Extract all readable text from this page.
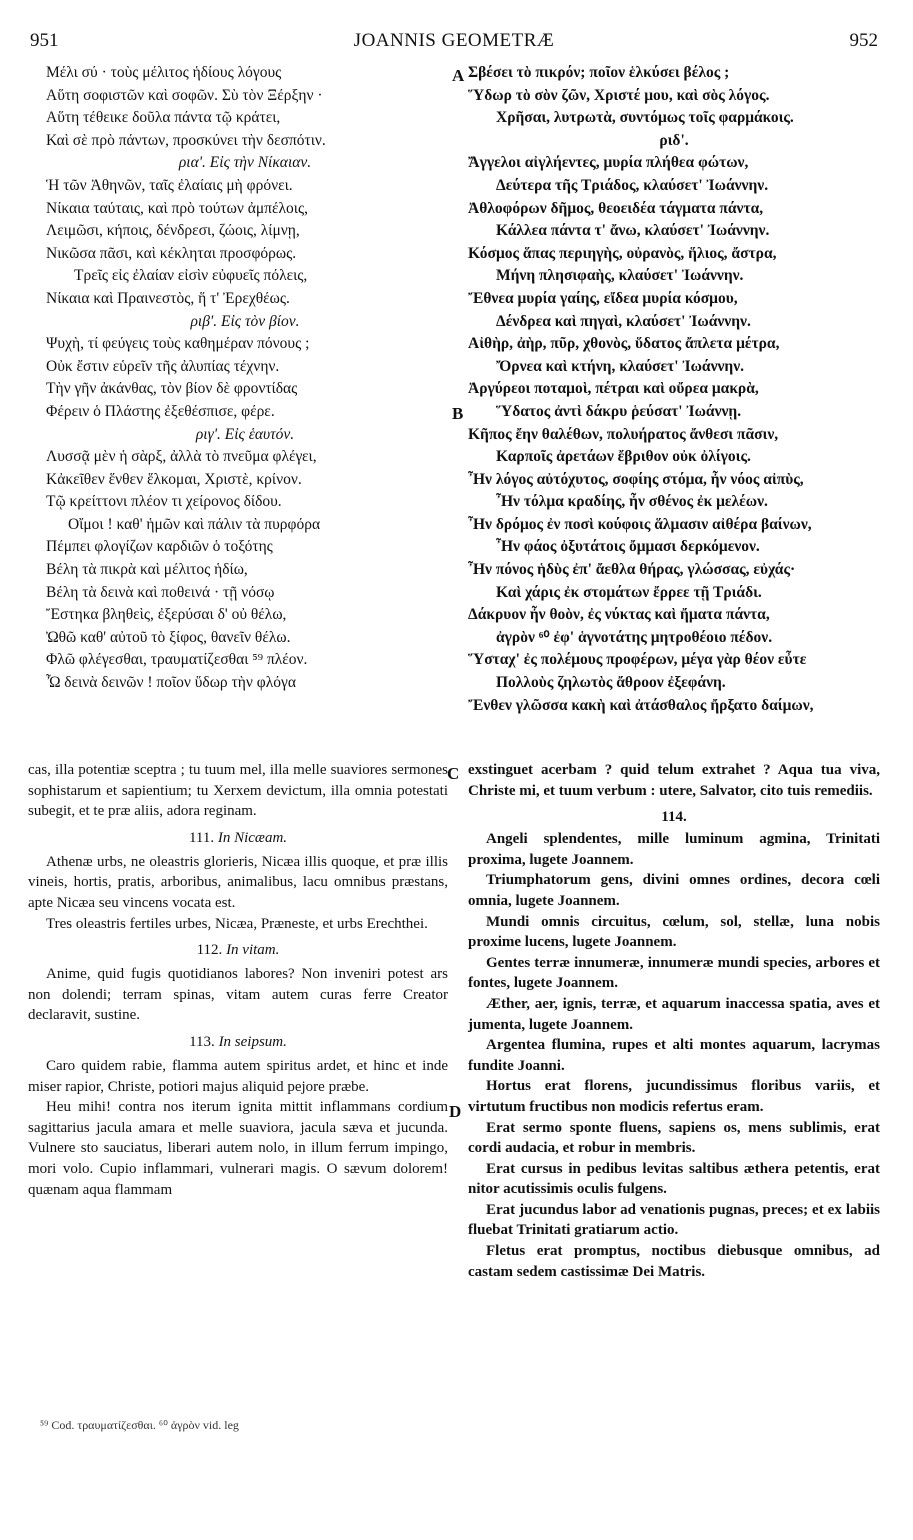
951	JOANNIS GEOMETRÆ	952
Μέλι σύ · τοὺς μέλιτος ἡδίους λόγους
Αὕτη σοφιστῶν καὶ σοφῶν. Σὺ τὸν Ξέρξην ·
Αὕτη τέθεικε δοῦλα πάντα τῷ κράτει,
Καὶ σὲ πρὸ πάντων, προσκύνει τὴν δεσπότιν.
ρια'. Εἰς τὴν Νίκαιαν.
Ἡ τῶν Ἀθηνῶν, ταῖς ἐλαίαις μὴ φρόνει.
Νίκαια ταύταις, καὶ πρὸ τούτων ἀμπέλοις,
Λειμῶσι, κήποις, δένδρεσι, ζώοις, λίμνῃ,
Νικῶσα πᾶσι, καὶ κέκληται προσφόρως.
Τρεῖς εἰς ἐλαίαν εἰσὶν εὐφυεῖς πόλεις,
Νίκαια καὶ Πραινεστὸς, ἥ τ' Ἐρεχθέως.
ριβ'. Εἰς τὸν βίον.
Ψυχὴ, τί φεύγεις τοὺς καθημέραν πόνους ;
Οὐκ ἔστιν εὑρεῖν τῆς ἀλυπίας τέχνην.
Τὴν γῆν ἀκάνθας, τὸν βίον δὲ φροντίδας
Φέρειν ὁ Πλάστης ἐξεθέσπισε, φέρε.
ριγ'. Εἰς ἑαυτόν.
Λυσσᾷ μὲν ἡ σὰρξ, ἀλλὰ τὸ πνεῦμα φλέγει,
Κἀκεῖθεν ἕνθεν ἕλκομαι, Χριστὲ, κρίνον.
Τῷ κρείττονι πλέον τι χείρονος δίδου.
Οἴμοι ! καθ' ἡμῶν καὶ πάλιν τὰ πυρφόρα
Πέμπει φλογίζων καρδιῶν ὁ τοξότης
Βέλη τὰ πικρὰ καὶ μέλιτος ἡδίω,
Βέλη τὰ δεινὰ καὶ ποθεινά · τῇ νόσῳ
Ἔστηκα βληθεὶς, ἐξερύσαι δ' οὐ θέλω,
Ὠθῶ καθ' αὐτοῦ τὸ ξίφος, θανεῖν θέλω.
Φλῶ φλέγεσθαι, τραυματίζεσθαι ⁵⁹ πλέον.
Ὦ δεινὰ δεινῶν ! ποῖον ὕδωρ τὴν φλόγα
Σβέσει τὸ πικρόν; ποῖον ἑλκύσει βέλος ;
Ὕδωρ τὸ σὸν ζῶν, Χριστέ μου, καὶ σὸς λόγος.
Χρῆσαι, λυτρωτὰ, συντόμως τοῖς φαρμάκοις.
ριδ'.
Ἄγγελοι αἰγλήεντες, μυρία πλήθεα φώτων,
Δεύτερα τῆς Τριάδος, κλαύσετ' Ἰωάννην.
Ἀθλοφόρων δῆμος, θεοειδέα τάγματα πάντα,
Κάλλεα πάντα τ' ἄνω, κλαύσετ' Ἰωάννην.
Κόσμος ἅπας περιηγὴς, οὐρανὸς, ἥλιος, ἄστρα,
Μήνη πλησιφαὴς, κλαύσετ' Ἰωάννην.
Ἔθνεα μυρία γαίης, εἴδεα μυρία κόσμου,
Δένδρεα καὶ πηγαὶ, κλαύσετ' Ἰωάννην.
Αἰθὴρ, ἀὴρ, πῦρ, χθονὸς, ὕδατος ἄπλετα μέτρα,
Ὄρνεα καὶ κτήνη, κλαύσετ' Ἰωάννην.
Ἀργύρεοι ποταμοὶ, πέτραι καὶ οὔρεα μακρὰ,
Ὕδατος ἀντὶ δάκρυ ῥεύσατ' Ἰωάννῃ.
Κῆπος ἔην θαλέθων, πολυήρατος ἄνθεσι πᾶσιν,
Καρποῖς ἀρετάων ἔβριθον οὐκ ὀλίγοις.
Ἦν λόγος αὐτόχυτος, σοφίης στόμα, ἦν νόος αἰπὺς,
Ἦν τόλμα κραδίης, ἦν σθένος ἐκ μελέων.
Ἦν δρόμος ἐν ποσὶ κούφοις ἅλμασιν αἰθέρα βαίνων,
Ἦν φάος ὀξυτάτοις ὄμμασι δερκόμενον.
Ἦν πόνος ἡδὺς ἐπ' ἄεθλα θήρας, γλώσσας, εὐχάς·
Καὶ χάρις ἐκ στομάτων ἔρρεε τῇ Τριάδι.
Δάκρυον ἦν θοὸν, ἐς νύκτας καὶ ἤματα πάντα,
ἀγρὸν ⁶⁰ ἐφ' ἁγνοτάτης μητροθέοιο πέδον.
Ὕσταχ' ἐς πολέμους προφέρων, μέγα γὰρ θέον εὖτε
Πολλοὺς ζηλωτὸς ἄθροον ἐξεφάνη.
Ἔνθεν γλῶσσα κακὴ καὶ ἀτάσθαλος ἤρξατο δαίμων,

cas, illa potentiæ sceptra ; tu tuum mel, illa melle suaviores sermones sophistarum et sapientium; tu Xerxem devictum, illa omnia potestati subegit, et te præ aliis, adora reginam.

111. In Nicæam.

Athenæ urbs, ne oleastris glorieris, Nicæa illis quoque, et præ illis vineis, hortis, pratis, arboribus, animalibus, lacu omnibus præstans, apte Nicæa seu vincens vocata est.

Tres oleastris fertiles urbes, Nicæa, Præneste, et urbs Erechthei.

112. In vitam.

Anime, quid fugis quotidianos labores? Non inveniri potest ars non dolendi; terram spinas, vitam autem curas ferre Creator declaravit, sustine.

113. In seipsum.

Caro quidem rabie, flamma autem spiritus ardet, et hinc et inde miser rapior, Christe, potiori majus aliquid pejore præbe.

Heu mihi! contra nos iterum ignita mittit inflammans cordium sagittarius jacula amara et melle suaviora, jacula sæva et jucunda. Vulnere sto sauciatus, liberari autem nolo, in illum ferrum impingo, mori volo. Cupio inflammari, vulnerari magis. O sævum dolorem! quænam aqua flammam

exstinguet acerbam ? quid telum extrahet ? Aqua tua viva, Christe mi, et tuum verbum : utere, Salvator, cito tuis remediis.

114.

Angeli splendentes, mille luminum agmina, Trinitati proxima, lugete Joannem.

Triumphatorum gens, divini omnes ordines, decora cœli omnia, lugete Joannem.

Mundi omnis circuitus, cœlum, sol, stellæ, luna nobis proxime lucens, lugete Joannem.

Gentes terræ innumeræ, innumeræ mundi species, arbores et fontes, lugete Joannem.

Æther, aer, ignis, terræ, et aquarum inaccessa spatia, aves et jumenta, lugete Joannem.

Argentea flumina, rupes et alti montes aquarum, lacrymas fundite Joanni.

Hortus erat florens, jucundissimus floribus variis, et virtutum fructibus non modicis refertus eram.

Erat sermo sponte fluens, sapiens os, mens sublimis, erat cordi audacia, et robur in membris.

Erat cursus in pedibus levitas saltibus æthera petentis, erat nitor acutissimis oculis fulgens.

Erat jucundus labor ad venationis pugnas, preces; et ex labiis fluebat Trinitati gratiarum actio.

Fletus erat promptus, noctibus diebusque omnibus, ad castam sedem castissimæ Dei Matris.

A
B
C
D
⁵⁹ Cod. τραυματίζεσθαι. ⁶⁰ ἀγρὸν vid. leg
